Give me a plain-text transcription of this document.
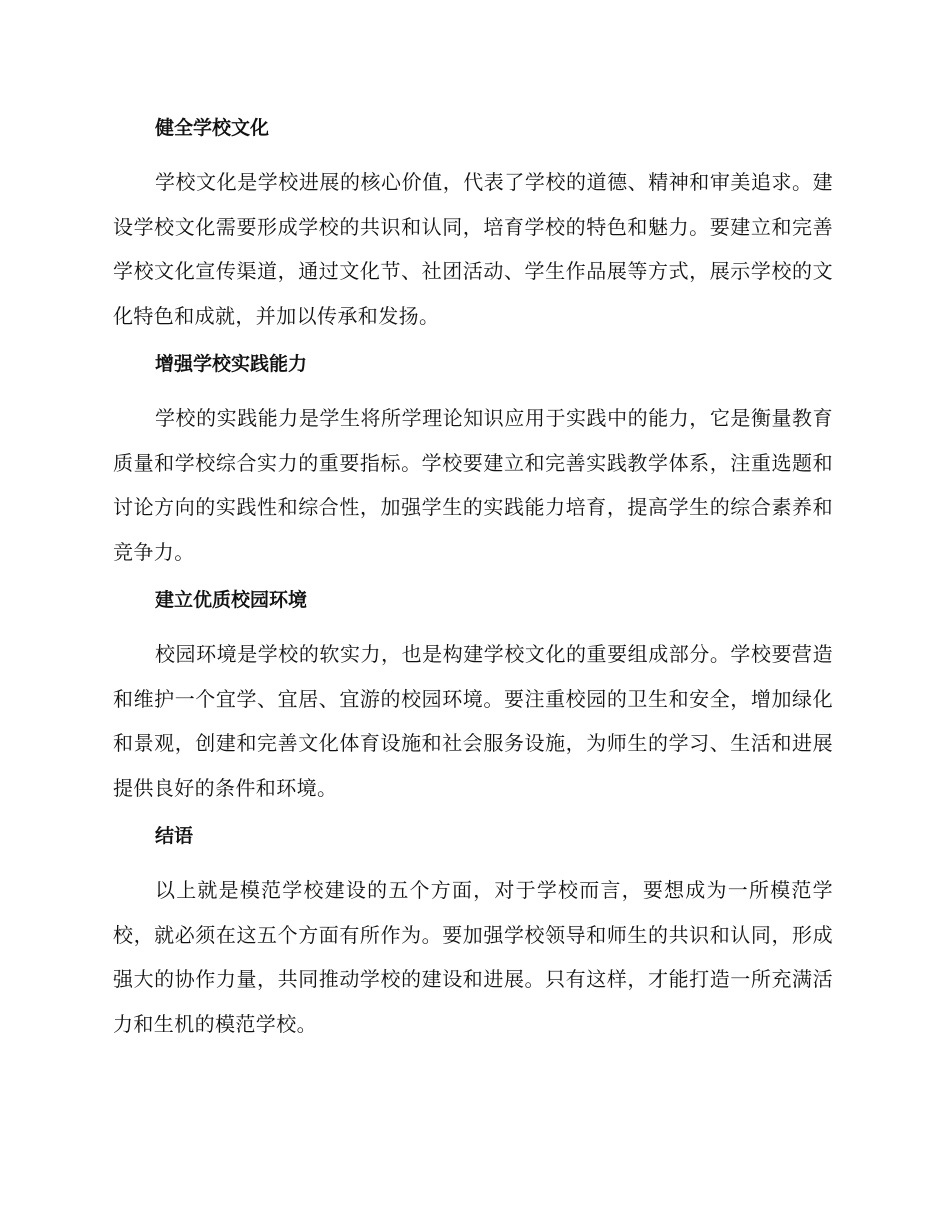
健全学校文化

学校文化是学校进展的核心价值，代表了学校的道德、精神和审美追求。建设学校文化需要形成学校的共识和认同，培育学校的特色和魅力。要建立和完善学校文化宣传渠道，通过文化节、社团活动、学生作品展等方式，展示学校的文化特色和成就，并加以传承和发扬。

增强学校实践能力

学校的实践能力是学生将所学理论知识应用于实践中的能力，它是衡量教育质量和学校综合实力的重要指标。学校要建立和完善实践教学体系，注重选题和讨论方向的实践性和综合性，加强学生的实践能力培育，提高学生的综合素养和竞争力。

建立优质校园环境

校园环境是学校的软实力，也是构建学校文化的重要组成部分。学校要营造和维护一个宜学、宜居、宜游的校园环境。要注重校园的卫生和安全，增加绿化和景观，创建和完善文化体育设施和社会服务设施，为师生的学习、生活和进展提供良好的条件和环境。

结语

以上就是模范学校建设的五个方面，对于学校而言，要想成为一所模范学校，就必须在这五个方面有所作为。要加强学校领导和师生的共识和认同，形成强大的协作力量，共同推动学校的建设和进展。只有这样，才能打造一所充满活力和生机的模范学校。
